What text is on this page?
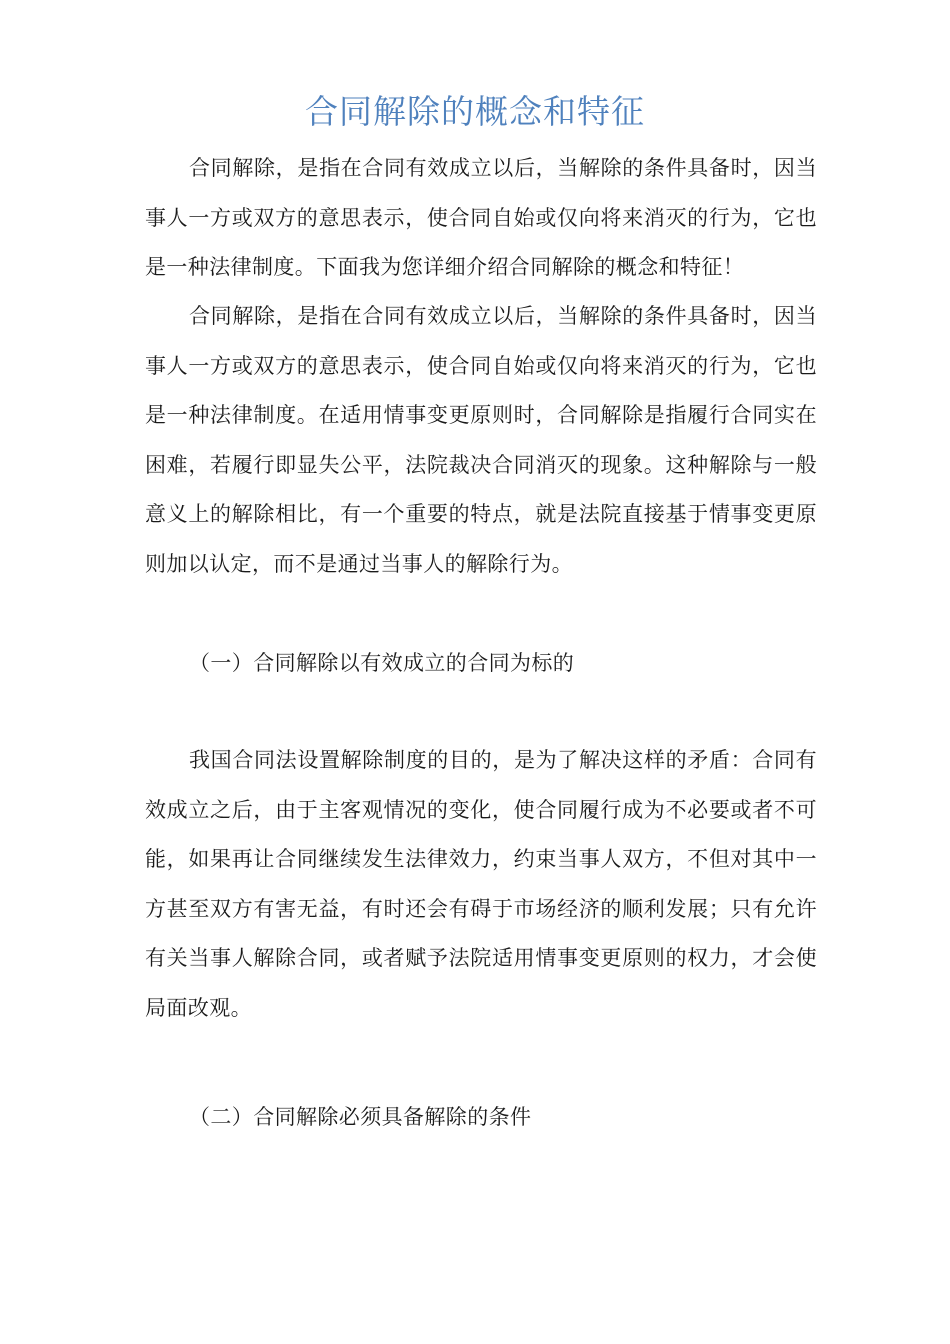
合同解除的概念和特征

合同解除，是指在合同有效成立以后，当解除的条件具备时，因当事人一方或双方的意思表示，使合同自始或仅向将来消灭的行为，它也是一种法律制度。下面我为您详细介绍合同解除的概念和特征！

合同解除，是指在合同有效成立以后，当解除的条件具备时，因当事人一方或双方的意思表示，使合同自始或仅向将来消灭的行为，它也是一种法律制度。在适用情事变更原则时，合同解除是指履行合同实在困难，若履行即显失公平，法院裁决合同消灭的现象。这种解除与一般意义上的解除相比，有一个重要的特点，就是法院直接基于情事变更原则加以认定，而不是通过当事人的解除行为。

（一）合同解除以有效成立的合同为标的

我国合同法设置解除制度的目的，是为了解决这样的矛盾：合同有效成立之后，由于主客观情况的变化，使合同履行成为不必要或者不可能，如果再让合同继续发生法律效力，约束当事人双方，不但对其中一方甚至双方有害无益，有时还会有碍于市场经济的顺利发展；只有允许有关当事人解除合同，或者赋予法院适用情事变更原则的权力，才会使局面改观。

（二）合同解除必须具备解除的条件
